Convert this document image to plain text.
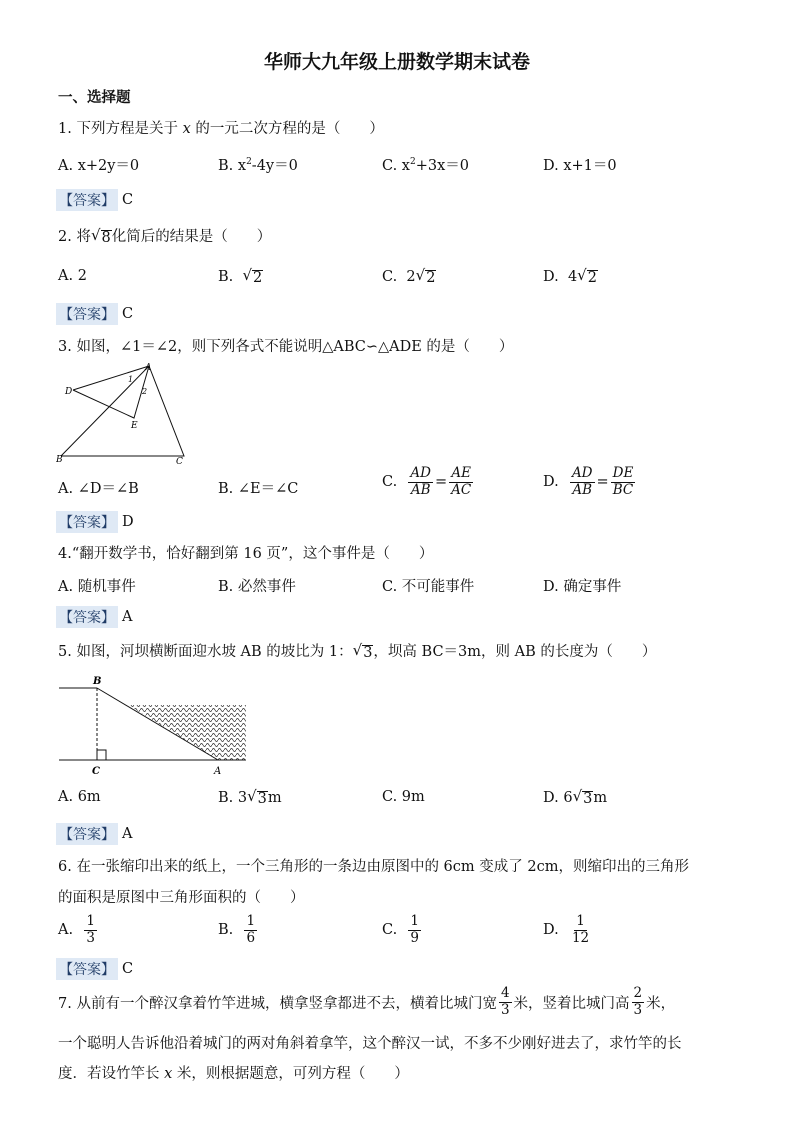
华师大九年级上册数学期末试卷
一、选择题
1. 下列方程是关于 x 的一元二次方程的是（　　）
A. x+2y＝0	B. $x^2-4y=0$	C. $x^2+3x=0$	D. x+1＝0
【答案】 C
2. 将 √ 8 化简后的结果是（　　）
A. 2	B. √ 2	C. 2 √ 2	D. 4 √ 2
【答案】 C
3. 如图，∠1＝∠2，则下列各式不能说明△ABC∽△ADE 的是（　　）
A
D
1
2
E
B	C
A. ∠D＝∠B	B. ∠E＝∠C	C. $\frac{AD}{AB} = \frac{AE}{AC}$	D. $\frac{AD}{AB} = \frac{DE}{BC}$
【答案】 D
4.“翻开数学书，恰好翻到第 16 页”，这个事件是（　　）
A. 随机事件	B. 必然事件	C. 不可能事件	D. 确定事件
【答案】 A
5. 如图，河坝横断面迎水坡 AB 的坡比为 1： √ 3 ，坝高 BC＝3m，则 AB 的长度为（　　）
B
C	A
A. 6m	B. 3 √ 3 m	C. 9m	D. 6 √ 3 m
【答案】 A
6. 在一张缩印出来的纸上，一个三角形的一条边由原图中的 6cm 变成了 2cm，则缩印出的三角形
的面积是原图中三角形面积的（　　）
A. $\frac{1}{3}$	B. $\frac{1}{6}$	C. $\frac{1}{9}$	D. $\frac{1}{12}$
【答案】 C
7. 从前有一个醉汉拿着竹竿进城，横拿竖拿都进不去，横着比城门宽 $\frac{4}{3}$ 米，竖着比城门高 $\frac{2}{3}$ 米，
一个聪明人告诉他沿着城门的两对角斜着拿竿，这个醉汉一试，不多不少刚好进去了，求竹竿的长
度．若设竹竿长 x 米，则根据题意，可列方程（　　）
